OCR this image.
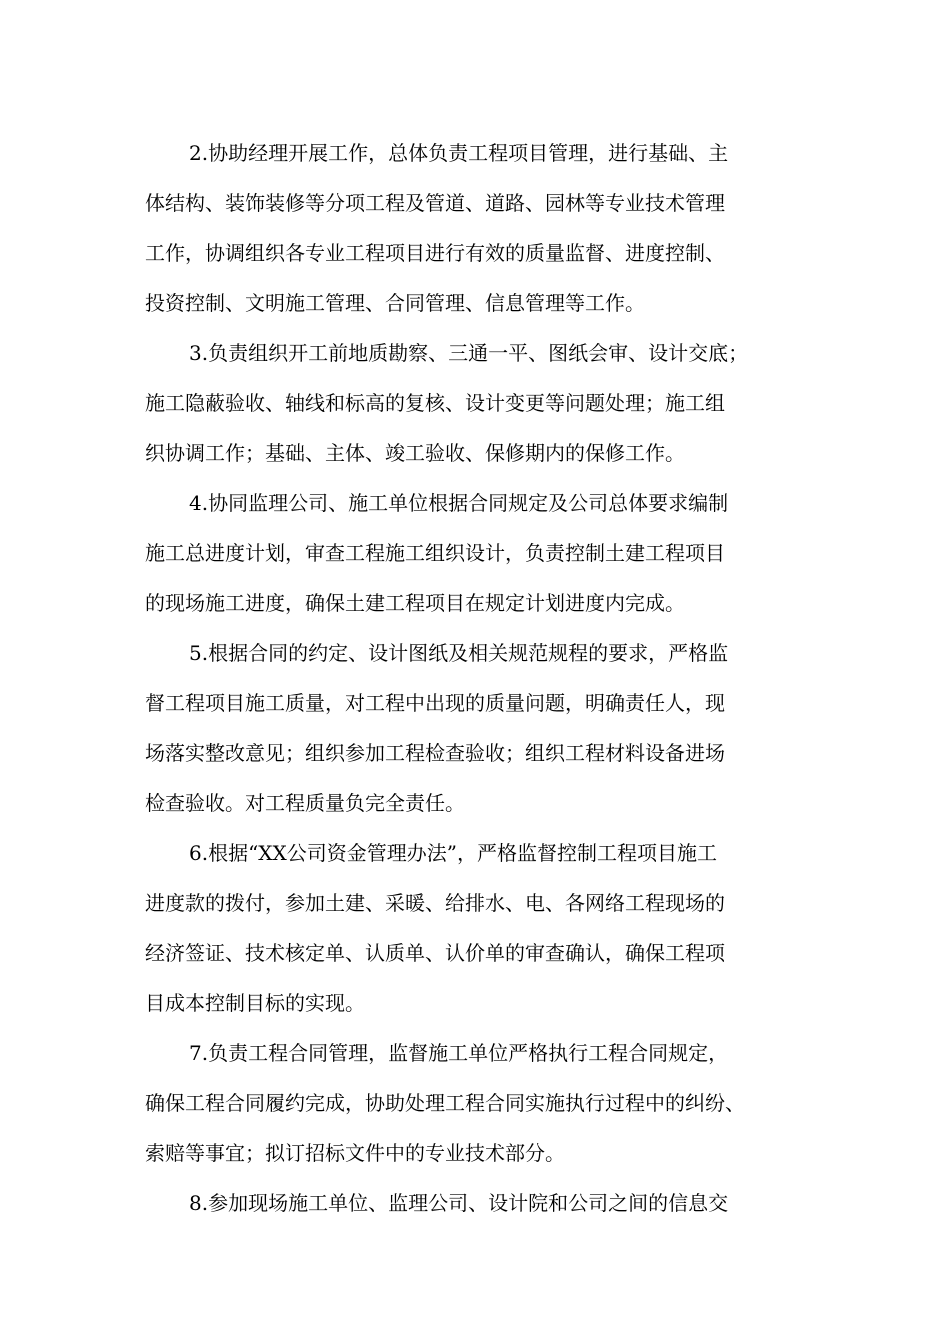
2.协助经理开展工作，总体负责工程项目管理，进行基础、主
体结构、装饰装修等分项工程及管道、道路、园林等专业技术管理
工作，协调组织各专业工程项目进行有效的质量监督、进度控制、
投资控制、文明施工管理、合同管理、信息管理等工作。
3.负责组织开工前地质勘察、三通一平、图纸会审、设计交底；
施工隐蔽验收、轴线和标高的复核、设计变更等问题处理；施工组
织协调工作；基础、主体、竣工验收、保修期内的保修工作。
4.协同监理公司、施工单位根据合同规定及公司总体要求编制
施工总进度计划，审查工程施工组织设计，负责控制土建工程项目
的现场施工进度，确保土建工程项目在规定计划进度内完成。
5.根据合同的约定、设计图纸及相关规范规程的要求，严格监
督工程项目施工质量，对工程中出现的质量问题，明确责任人，现
场落实整改意见；组织参加工程检查验收；组织工程材料设备进场
检查验收。对工程质量负完全责任。
6.根据“XX公司资金管理办法”，严格监督控制工程项目施工
进度款的拨付，参加土建、采暖、给排水、电、各网络工程现场的
经济签证、技术核定单、认质单、认价单的审查确认，确保工程项
目成本控制目标的实现。
7.负责工程合同管理，监督施工单位严格执行工程合同规定，
确保工程合同履约完成，协助处理工程合同实施执行过程中的纠纷、
索赔等事宜；拟订招标文件中的专业技术部分。
8.参加现场施工单位、监理公司、设计院和公司之间的信息交
